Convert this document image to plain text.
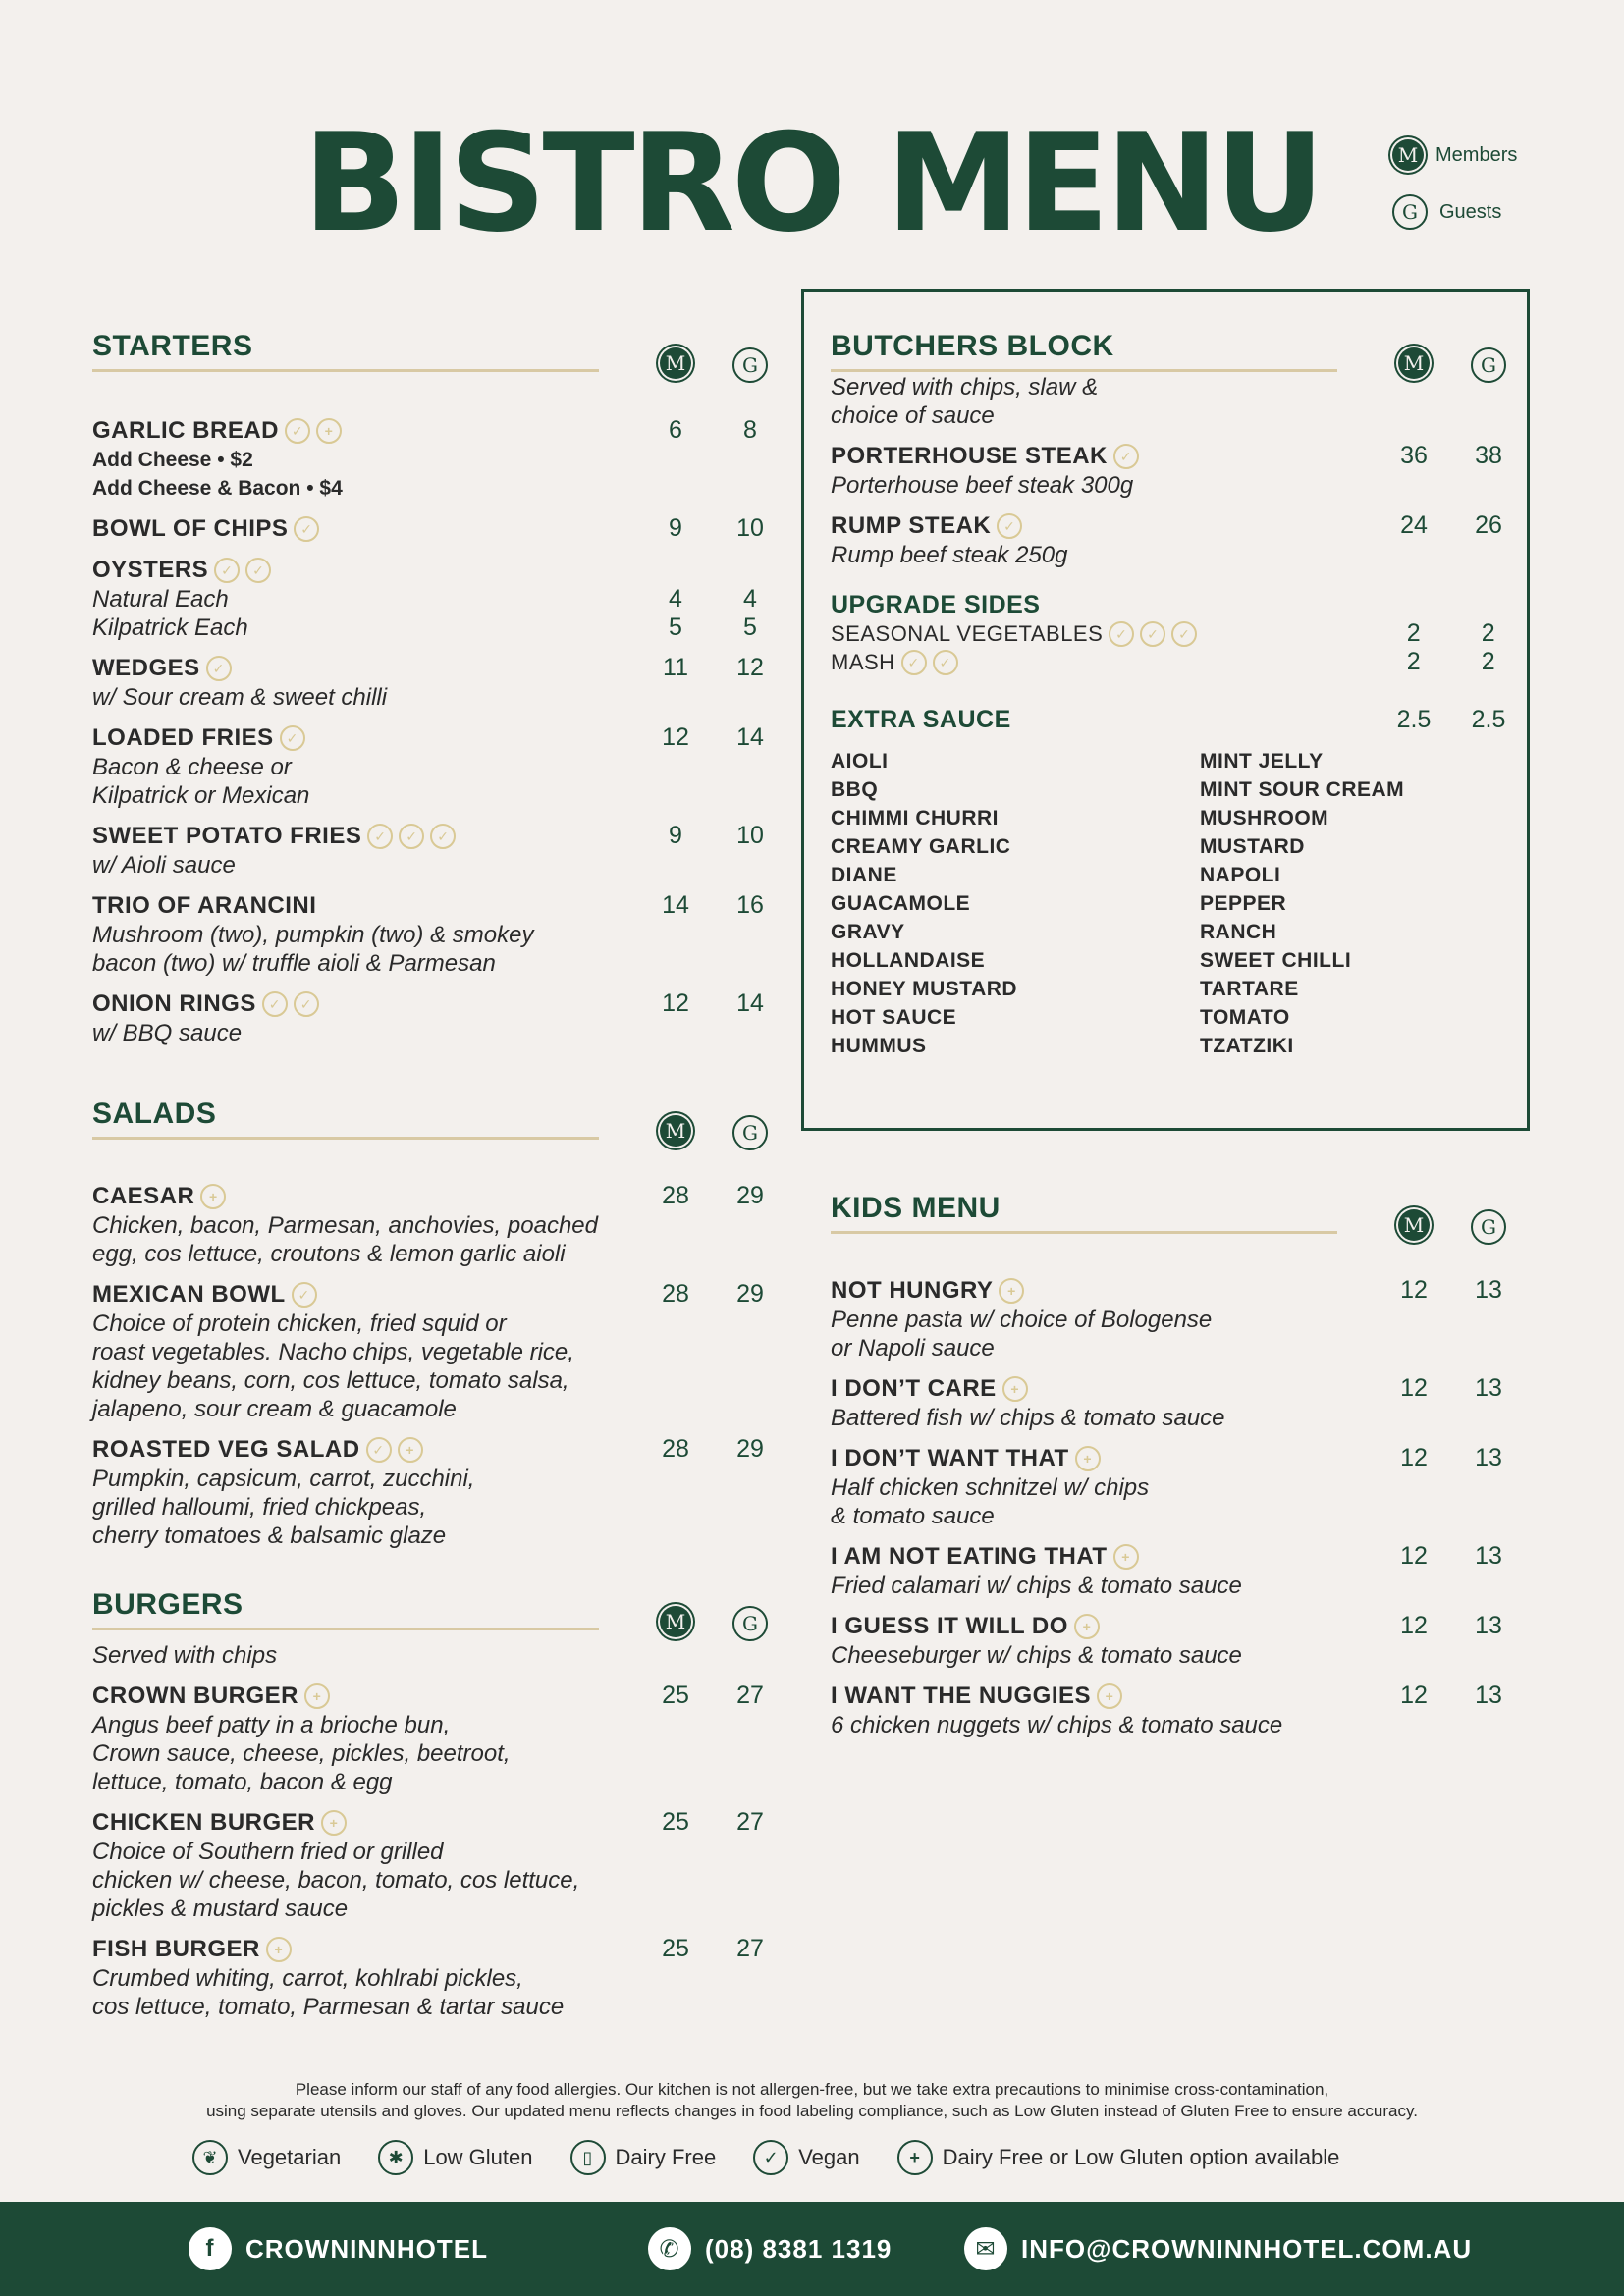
BISTRO MENU	M Members
G	Guests
STARTERS
M	G
GARLIC BREAD ✓	+
Add Cheese • $2
Add Cheese & Bacon • $4
6	8
BOWL OF CHIPS ✓	9	10
OYSTERS ✓	✓
Natural Each
Kilpatrick Each
4	4
5	5
WEDGES ✓
w/ Sour cream & sweet chilli
11	12
LOADED FRIES ✓
Bacon & cheese or
Kilpatrick or Mexican
12	14
SWEET POTATO FRIES ✓	✓	✓
w/ Aioli sauce
9	10
TRIO OF ARANCINI
Mushroom (two), pumpkin (two) & smokey
bacon (two) w/ truffle aioli & Parmesan
14	16
ONION RINGS ✓	✓
w/ BBQ sauce
12	14
SALADS
M	G
CAESAR	+
Chicken, bacon, Parmesan, anchovies, poached
egg, cos lettuce, croutons & lemon garlic aioli
28	29
MEXICAN BOWL ✓
Choice of protein chicken, fried squid or
roast vegetables. Nacho chips, vegetable rice,
kidney beans, corn, cos lettuce, tomato salsa,
jalapeno, sour cream & guacamole
28	29
ROASTED VEG SALAD ✓	+
Pumpkin, capsicum, carrot, zucchini,
grilled halloumi, fried chickpeas,
cherry tomatoes & balsamic glaze
28	29
BURGERS
M	G
Served with chips
CROWN BURGER	+
Angus beef patty in a brioche bun,
Crown sauce, cheese, pickles, beetroot,
lettuce, tomato, bacon & egg
25	27
CHICKEN BURGER	+
Choice of Southern fried or grilled
chicken w/ cheese, bacon, tomato, cos lettuce,
pickles & mustard sauce
25	27
FISH BURGER	+
Crumbed whiting, carrot, kohlrabi pickles,
cos lettuce, tomato, Parmesan & tartar sauce
25	27
BUTCHERS BLOCK
M	G
Served with chips, slaw &
choice of sauce
PORTERHOUSE STEAK ✓
Porterhouse beef steak 300g
36	38
RUMP STEAK ✓
Rump beef steak 250g
24	26
UPGRADE SIDES
SEASONAL VEGETABLES ✓	✓	✓	2	2
MASH ✓	✓	2	2
EXTRA SAUCE	2.5	2.5
AIOLI
BBQ
CHIMMI CHURRI
CREAMY GARLIC
DIANE
GUACAMOLE
GRAVY
HOLLANDAISE
HONEY MUSTARD
HOT SAUCE
HUMMUS
MINT JELLY
MINT SOUR CREAM
MUSHROOM
MUSTARD
NAPOLI
PEPPER
RANCH
SWEET CHILLI
TARTARE
TOMATO
TZATZIKI
KIDS MENU
M	G
NOT HUNGRY	+
Penne pasta w/ choice of Bologense
or Napoli sauce
12	13
I DON’T CARE	+
Battered fish w/ chips & tomato sauce
12	13
I DON’T WANT THAT	+
Half chicken schnitzel w/ chips
& tomato sauce
12	13
I AM NOT EATING THAT	+
Fried calamari w/ chips & tomato sauce
12	13
I GUESS IT WILL DO	+
Cheeseburger w/ chips & tomato sauce
12	13
I WANT THE NUGGIES	+
6 chicken nuggets w/ chips & tomato sauce
12	13
Please inform our staff of any food allergies. Our kitchen is not allergen-free, but we take extra precautions to minimise cross-contamination,
using separate utensils and gloves. Our updated menu reflects changes in food labeling compliance, such as Low Gluten instead of Gluten Free to ensure accuracy.
❦ Vegetarian	✱ Low Gluten	▯	Dairy Free	✓ Vegan	+	Dairy Free or Low Gluten option available
f	CROWNINNHOTEL	✆ (08) 8381 1319	✉ INFO@CROWNINNHOTEL.COM.AU
